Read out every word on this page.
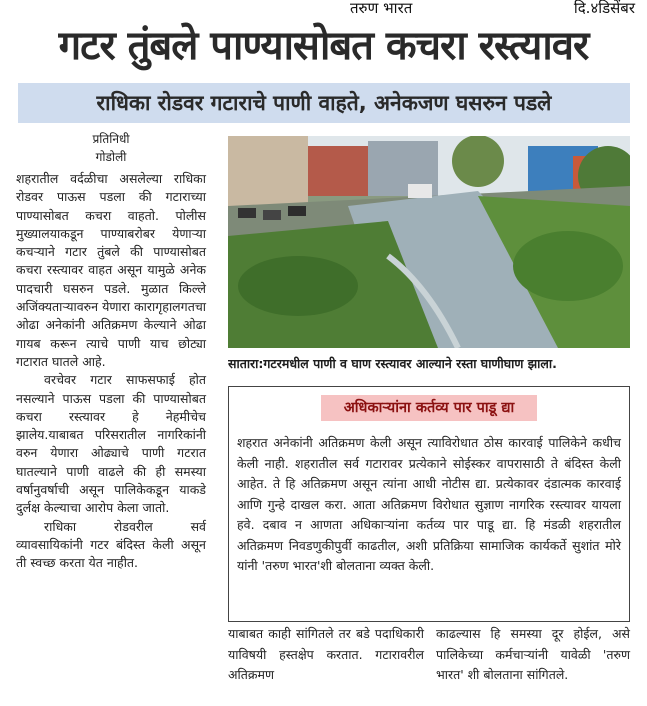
तरुण भारत	दि.४डिसेंबर
गटर तुंबले पाण्यासोबत कचरा रस्त्यावर
राधिका रोडवर गटाराचे पाणी वाहते, अनेकजण घसरुन पडले
प्रतिनिधी
गोडोली

शहरातील वर्दळीचा असलेल्या राधिका रोडवर पाऊस पडला की गटाराच्या पाण्यासोबत कचरा वाहतो. पोलीस मुख्यालयाकडून पाण्याबरोबर येणाऱ्या कचऱ्याने गटार तुंबले की पाण्यासोबत कचरा रस्त्यावर वाहत असून यामुळे अनेक पादचारी घसरुन पडले. मुळात किल्ले अजिंक्यताऱ्यावरुन येणारा कारागृहालगतचा ओढा अनेकांनी अतिक्रमण केल्याने ओढा गायब करून त्याचे पाणी याच छोट्या गटारात घातले आहे.

वरचेवर गटार साफसफाई होत नसल्याने पाऊस पडला की पाण्यासोबत कचरा रस्त्यावर हे नेहमीचेच झालेय.याबाबत परिसरातील नागरिकांनी वरुन येणारा ओढ्याचे पाणी गटरात घातल्याने पाणी वाढले की ही समस्या वर्षानुवर्षाची असून पालिकेकडून याकडे दुर्लक्ष केल्याचा आरोप केला जातो.

राधिका रोडवरील सर्व व्यावसायिकांनी गटर बंदिस्त केली असून ती स्वच्छ करता येत नाहीत.

सातारा:गटरमधील पाणी व घाण रस्त्यावर आल्याने रस्ता घाणीघाण झाला.
अधिकाऱ्यांना कर्तव्य पार पाडू द्या
शहरात अनेकांनी अतिक्रमण केली असून त्याविरोधात ठोस कारवाई पालिकेने कधीच केली नाही. शहरातील सर्व गटारावर प्रत्येकाने सोईस्कर वापरासाठी ते बंदिस्त केली आहेत. ते हि अतिक्रमण असून त्यांना आधी नोटीस द्या. प्रत्येकावर दंडात्मक कारवाई आणि गुन्हे दाखल करा. आता अतिक्रमण विरोधात सुज्ञाण नागरिक रस्त्यावर यायला हवे. दबाव न आणता अधिकाऱ्यांना कर्तव्य पार पाडू द्या. हि मंडळी शहरातील अतिक्रमण निवडणुकीपुर्वी काढतील, अशी प्रतिक्रिया सामाजिक कार्यकर्ते सुशांत मोरे यांनी 'तरुण भारत'शी बोलताना व्यक्त केली.
याबाबत काही सांगितले तर बडे पदाधिकारी याविषयी हस्तक्षेप करतात. गटारावरील अतिक्रमण
काढल्यास हि समस्या दूर होईल, असे पालिकेच्या कर्मचाऱ्यांनी यावेळी 'तरुण भारत' शी बोलताना सांगितले.
